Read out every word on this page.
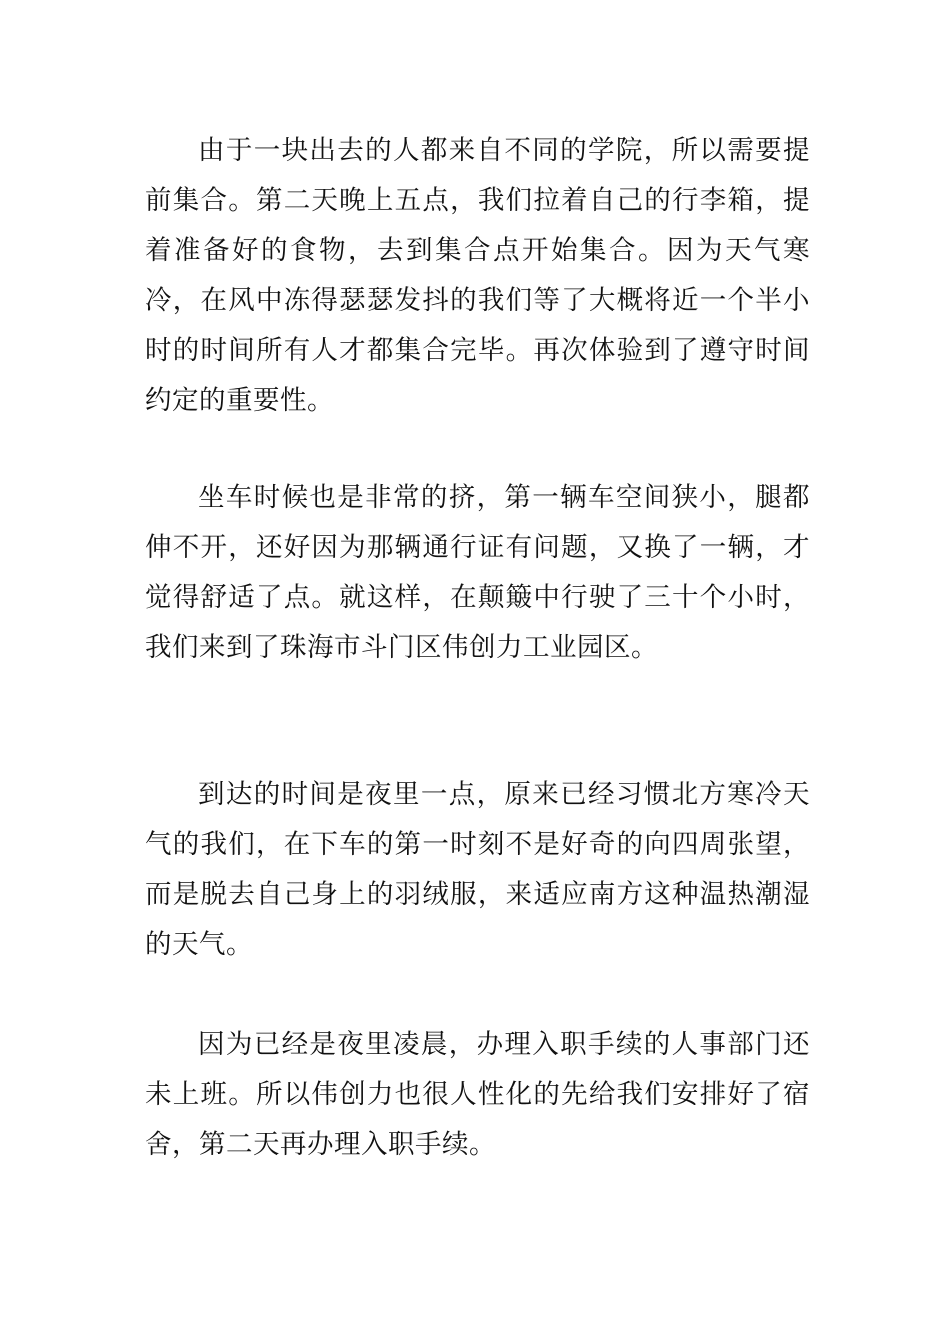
由于一块出去的人都来自不同的学院，所以需要提前集合。第二天晚上五点，我们拉着自己的行李箱，提着准备好的食物，去到集合点开始集合。因为天气寒冷，在风中冻得瑟瑟发抖的我们等了大概将近一个半小时的时间所有人才都集合完毕。再次体验到了遵守时间约定的重要性。

坐车时候也是非常的挤，第一辆车空间狭小，腿都伸不开，还好因为那辆通行证有问题，又换了一辆，才觉得舒适了点。就这样，在颠簸中行驶了三十个小时，我们来到了珠海市斗门区伟创力工业园区。

到达的时间是夜里一点，原来已经习惯北方寒冷天气的我们，在下车的第一时刻不是好奇的向四周张望，而是脱去自己身上的羽绒服，来适应南方这种温热潮湿的天气。

因为已经是夜里凌晨，办理入职手续的人事部门还未上班。所以伟创力也很人性化的先给我们安排好了宿舍，第二天再办理入职手续。
